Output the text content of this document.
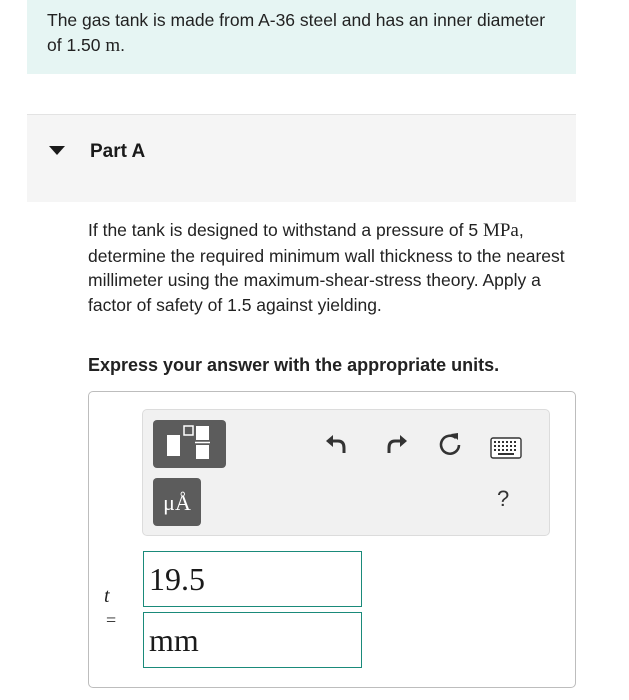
The gas tank is made from A-36 steel and has an inner diameter of 1.50 m.
Part A
If the tank is designed to withstand a pressure of 5 MPa, determine the required minimum wall thickness to the nearest millimeter using the maximum-shear-stress theory. Apply a factor of safety of 1.5 against yielding.
Express your answer with the appropriate units.
μÅ	?
t
=
19.5
mm
